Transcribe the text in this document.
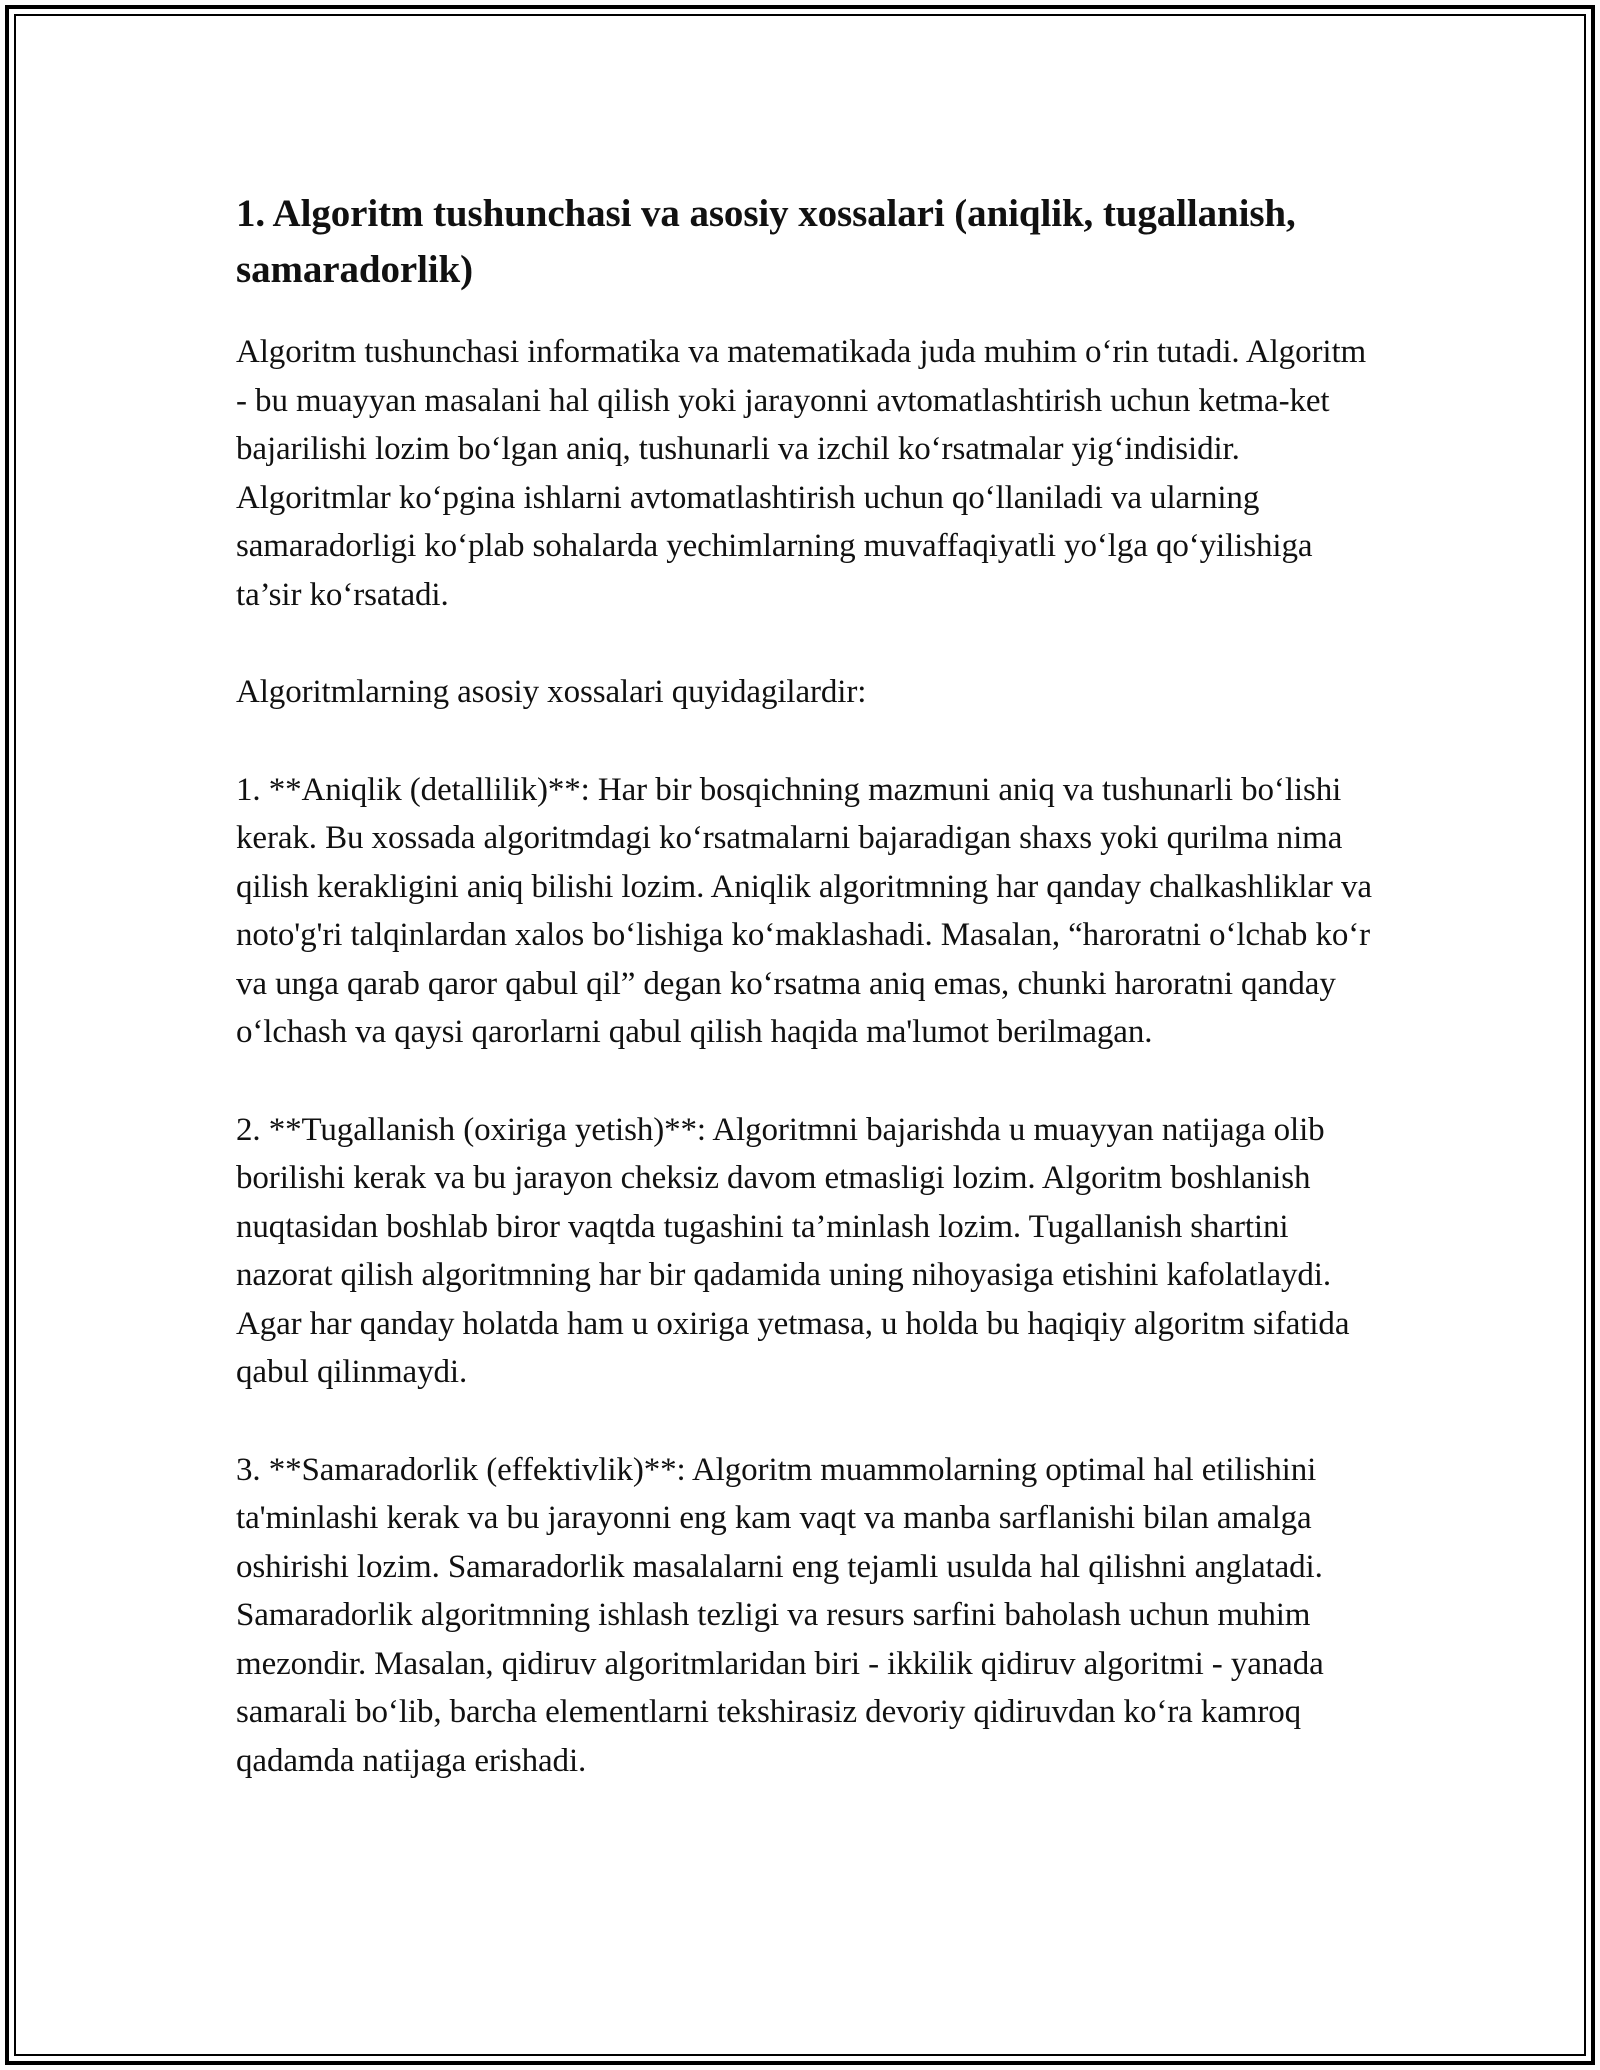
1. Algoritm tushunchasi va asosiy xossalari (aniqlik, tugallanish, samaradorlik)

Algoritm tushunchasi informatika va matematikada juda muhim o‘rin tutadi. Algoritm - bu muayyan masalani hal qilish yoki jarayonni avtomatlashtirish uchun ketma-ket bajarilishi lozim bo‘lgan aniq, tushunarli va izchil ko‘rsatmalar yig‘indisidir. Algoritmlar ko‘pgina ishlarni avtomatlashtirish uchun qo‘llaniladi va ularning samaradorligi ko‘plab sohalarda yechimlarning muvaffaqiyatli yo‘lga qo‘yilishiga ta’sir ko‘rsatadi.

Algoritmlarning asosiy xossalari quyidagilardir:

1. **Aniqlik (detallilik)**: Har bir bosqichning mazmuni aniq va tushunarli bo‘lishi kerak. Bu xossada algoritmdagi ko‘rsatmalarni bajaradigan shaxs yoki qurilma nima qilish kerakligini aniq bilishi lozim. Aniqlik algoritmning har qanday chalkashliklar va noto'g'ri talqinlardan xalos bo‘lishiga ko‘maklashadi. Masalan, “haroratni o‘lchab ko‘r va unga qarab qaror qabul qil” degan ko‘rsatma aniq emas, chunki haroratni qanday o‘lchash va qaysi qarorlarni qabul qilish haqida ma'lumot berilmagan.

2. **Tugallanish (oxiriga yetish)**: Algoritmni bajarishda u muayyan natijaga olib borilishi kerak va bu jarayon cheksiz davom etmasligi lozim. Algoritm boshlanish nuqtasidan boshlab biror vaqtda tugashini ta’minlash lozim. Tugallanish shartini nazorat qilish algoritmning har bir qadamida uning nihoyasiga etishini kafolatlaydi. Agar har qanday holatda ham u oxiriga yetmasa, u holda bu haqiqiy algoritm sifatida qabul qilinmaydi.

3. **Samaradorlik (effektivlik)**: Algoritm muammolarning optimal hal etilishini ta'minlashi kerak va bu jarayonni eng kam vaqt va manba sarflanishi bilan amalga oshirishi lozim. Samaradorlik masalalarni eng tejamli usulda hal qilishni anglatadi. Samaradorlik algoritmning ishlash tezligi va resurs sarfini baholash uchun muhim mezondir. Masalan, qidiruv algoritmlaridan biri - ikkilik qidiruv algoritmi - yanada samarali bo‘lib, barcha elementlarni tekshirasiz devoriy qidiruvdan ko‘ra kamroq qadamda natijaga erishadi.
